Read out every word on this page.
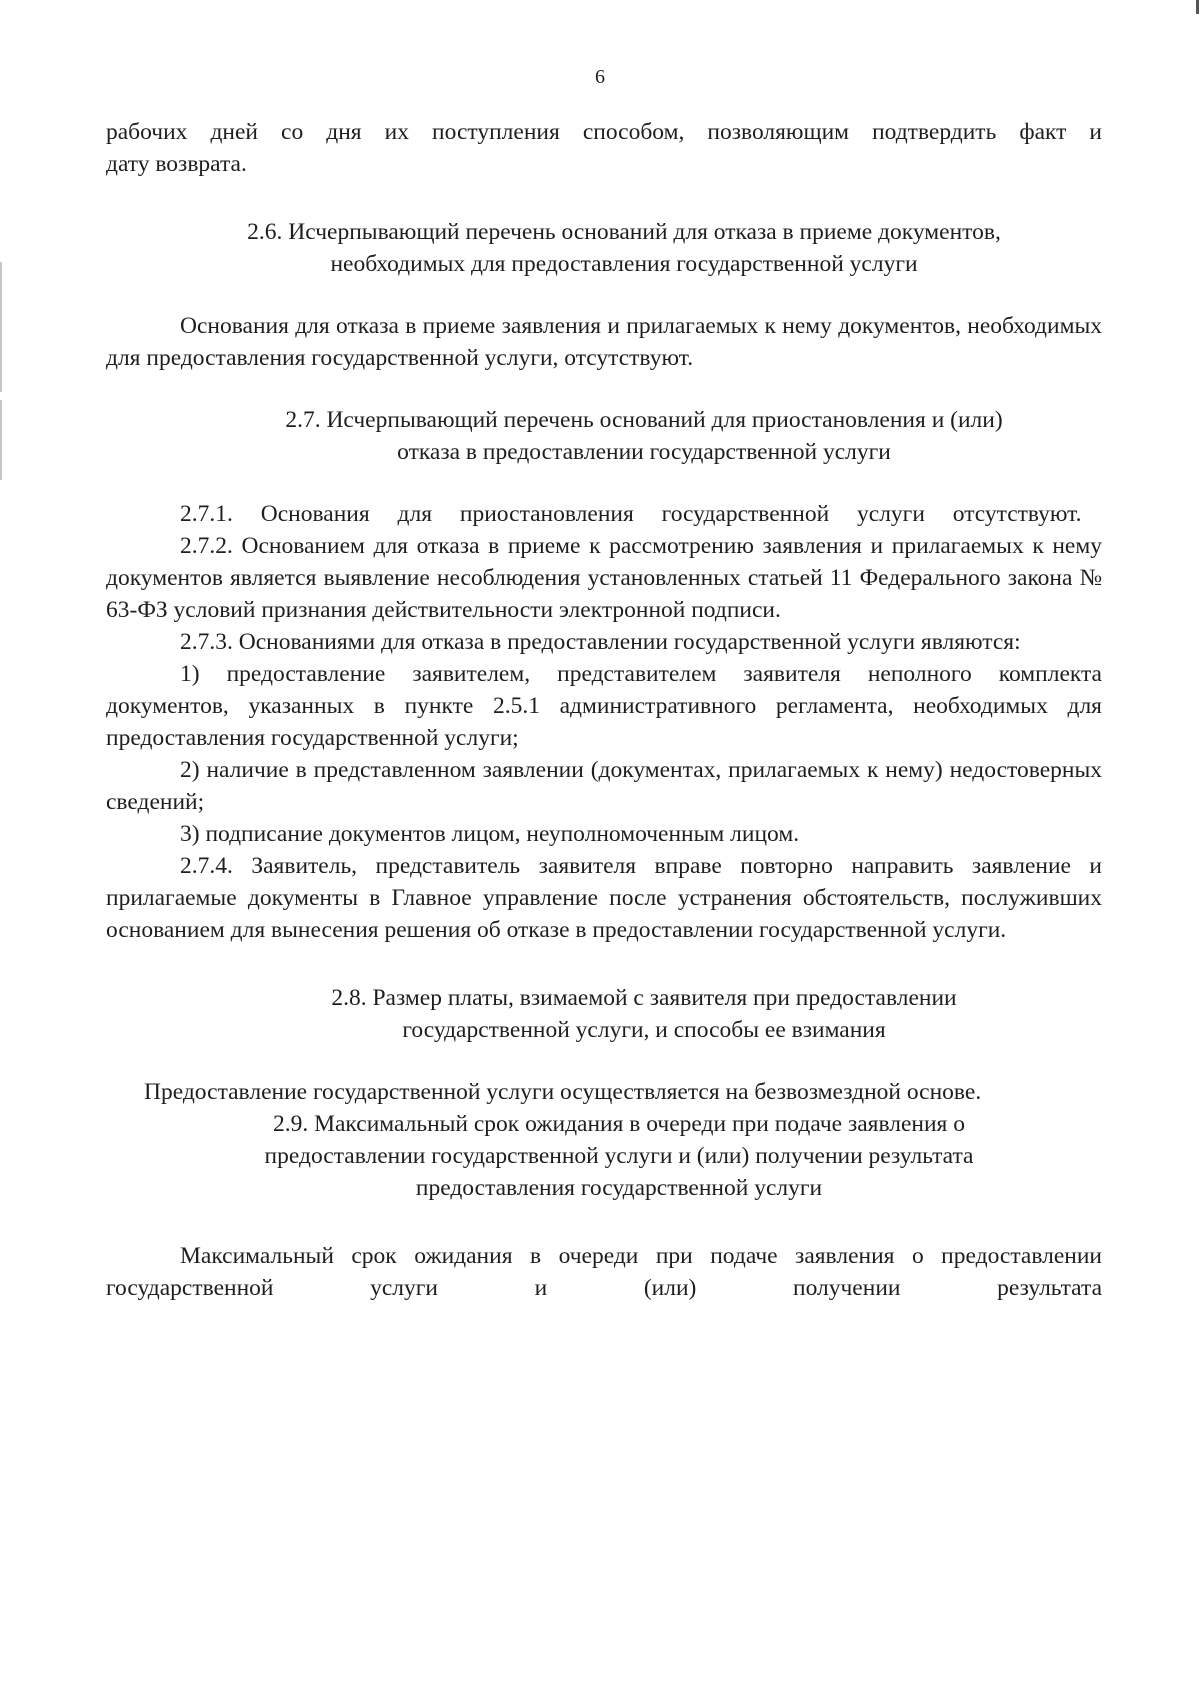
6

рабочих дней со дня их поступления способом, позволяющим подтвердить факт и

дату возврата.

2.6. Исчерпывающий перечень оснований для отказа в приеме документов,
необходимых для предоставления государственной услуги

Основания для отказа в приеме заявления и прилагаемых к нему документов, необходимых для предоставления государственной услуги, отсутствуют.

2.7. Исчерпывающий перечень оснований для приостановления и (или)
отказа в предоставлении государственной услуги

2.7.1. Основания для приостановления государственной услуги отсутствуют.

2.7.2. Основанием для отказа в приеме к рассмотрению заявления и прилагаемых к нему документов является выявление несоблюдения установленных статьей 11 Федерального закона № 63-ФЗ условий признания действительности электронной подписи.

2.7.3. Основаниями для отказа в предоставлении государственной услуги являются:

1) предоставление заявителем, представителем заявителя неполного комплекта документов, указанных в пункте 2.5.1 административного регламента, необходимых для предоставления государственной услуги;

2) наличие в представленном заявлении (документах, прилагаемых к нему) недостоверных сведений;

3) подписание документов лицом, неуполномоченным лицом.

2.7.4. Заявитель, представитель заявителя вправе повторно направить заявление и прилагаемые документы в Главное управление после устранения обстоятельств, послуживших основанием для вынесения решения об отказе в предоставлении государственной услуги.

2.8. Размер платы, взимаемой с заявителя при предоставлении
государственной услуги, и способы ее взимания

Предоставление государственной услуги осуществляется на безвозмездной основе.

2.9. Максимальный срок ожидания в очереди при подаче заявления о
предоставлении государственной услуги и (или) получении результата
предоставления государственной услуги

Максимальный срок ожидания в очереди при подаче заявления о предоставлении государственной услуги и (или) получении результата
